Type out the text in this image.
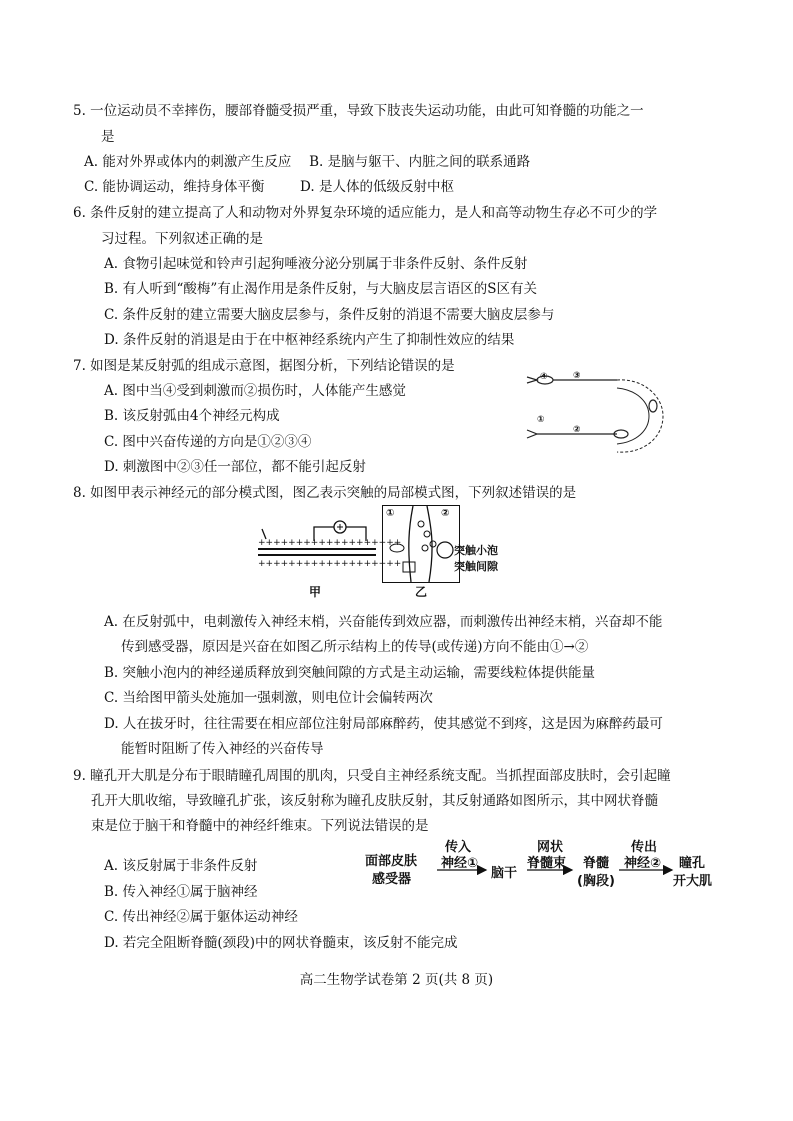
5. 一位运动员不幸摔伤，腰部脊髓受损严重，导致下肢丧失运动功能，由此可知脊髓的功能之一
是
A. 能对外界或体内的刺激产生反应 　B. 是脑与躯干、内脏之间的联系通路
C. 能协调运动，维持身体平衡 　　 D. 是人体的低级反射中枢
6. 条件反射的建立提高了人和动物对外界复杂环境的适应能力，是人和高等动物生存必不可少的学
习过程。下列叙述正确的是
A. 食物引起味觉和铃声引起狗唾液分泌分别属于非条件反射、条件反射
B. 有人听到“酸梅”有止渴作用是条件反射，与大脑皮层言语区的S区有关
C. 条件反射的建立需要大脑皮层参与，条件反射的消退不需要大脑皮层参与
D. 条件反射的消退是由于在中枢神经系统内产生了抑制性效应的结果
7. 如图是某反射弧的组成示意图，据图分析，下列结论错误的是
A. 图中当④受到刺激而②损伤时，人体能产生感觉
B. 该反射弧由4个神经元构成
C. 图中兴奋传递的方向是①②③④
D. 刺激图中②③任一部位，都不能引起反射
④	③
①
②
8. 如图甲表示神经元的部分模式图，图乙表示突触的局部模式图，下列叙述错误的是
+++++++++++++++++++
+++++++++++++++++++
甲
①	②
乙
突触小泡
突触间隙
A. 在反射弧中，电刺激传入神经末梢，兴奋能传到效应器，而刺激传出神经末梢，兴奋却不能
传到感受器，原因是兴奋在如图乙所示结构上的传导(或传递)方向不能由①→②
B. 突触小泡内的神经递质释放到突触间隙的方式是主动运输，需要线粒体提供能量
C. 当给图甲箭头处施加一强刺激，则电位计会偏转两次
D. 人在拔牙时，往往需要在相应部位注射局部麻醉药，使其感觉不到疼，这是因为麻醉药最可
能暂时阻断了传入神经的兴奋传导
9. 瞳孔开大肌是分布于眼睛瞳孔周围的肌肉，只受自主神经系统支配。当抓捏面部皮肤时，会引起瞳
孔开大肌收缩，导致瞳孔扩张，该反射称为瞳孔皮肤反射，其反射通路如图所示，其中网状脊髓
束是位于脑干和脊髓中的神经纤维束。下列说法错误的是
A. 该反射属于非条件反射
B. 传入神经①属于脑神经
C. 传出神经②属于躯体运动神经
D. 若完全阻断脊髓(颈段)中的网状脊髓束，该反射不能完成
面部皮肤
感受器
传入
神经①
脑干
网状
脊髓束 脊髓
(胸段)
传出
神经② 瞳孔
开大肌
高二生物学试卷第 2 页(共 8 页)
